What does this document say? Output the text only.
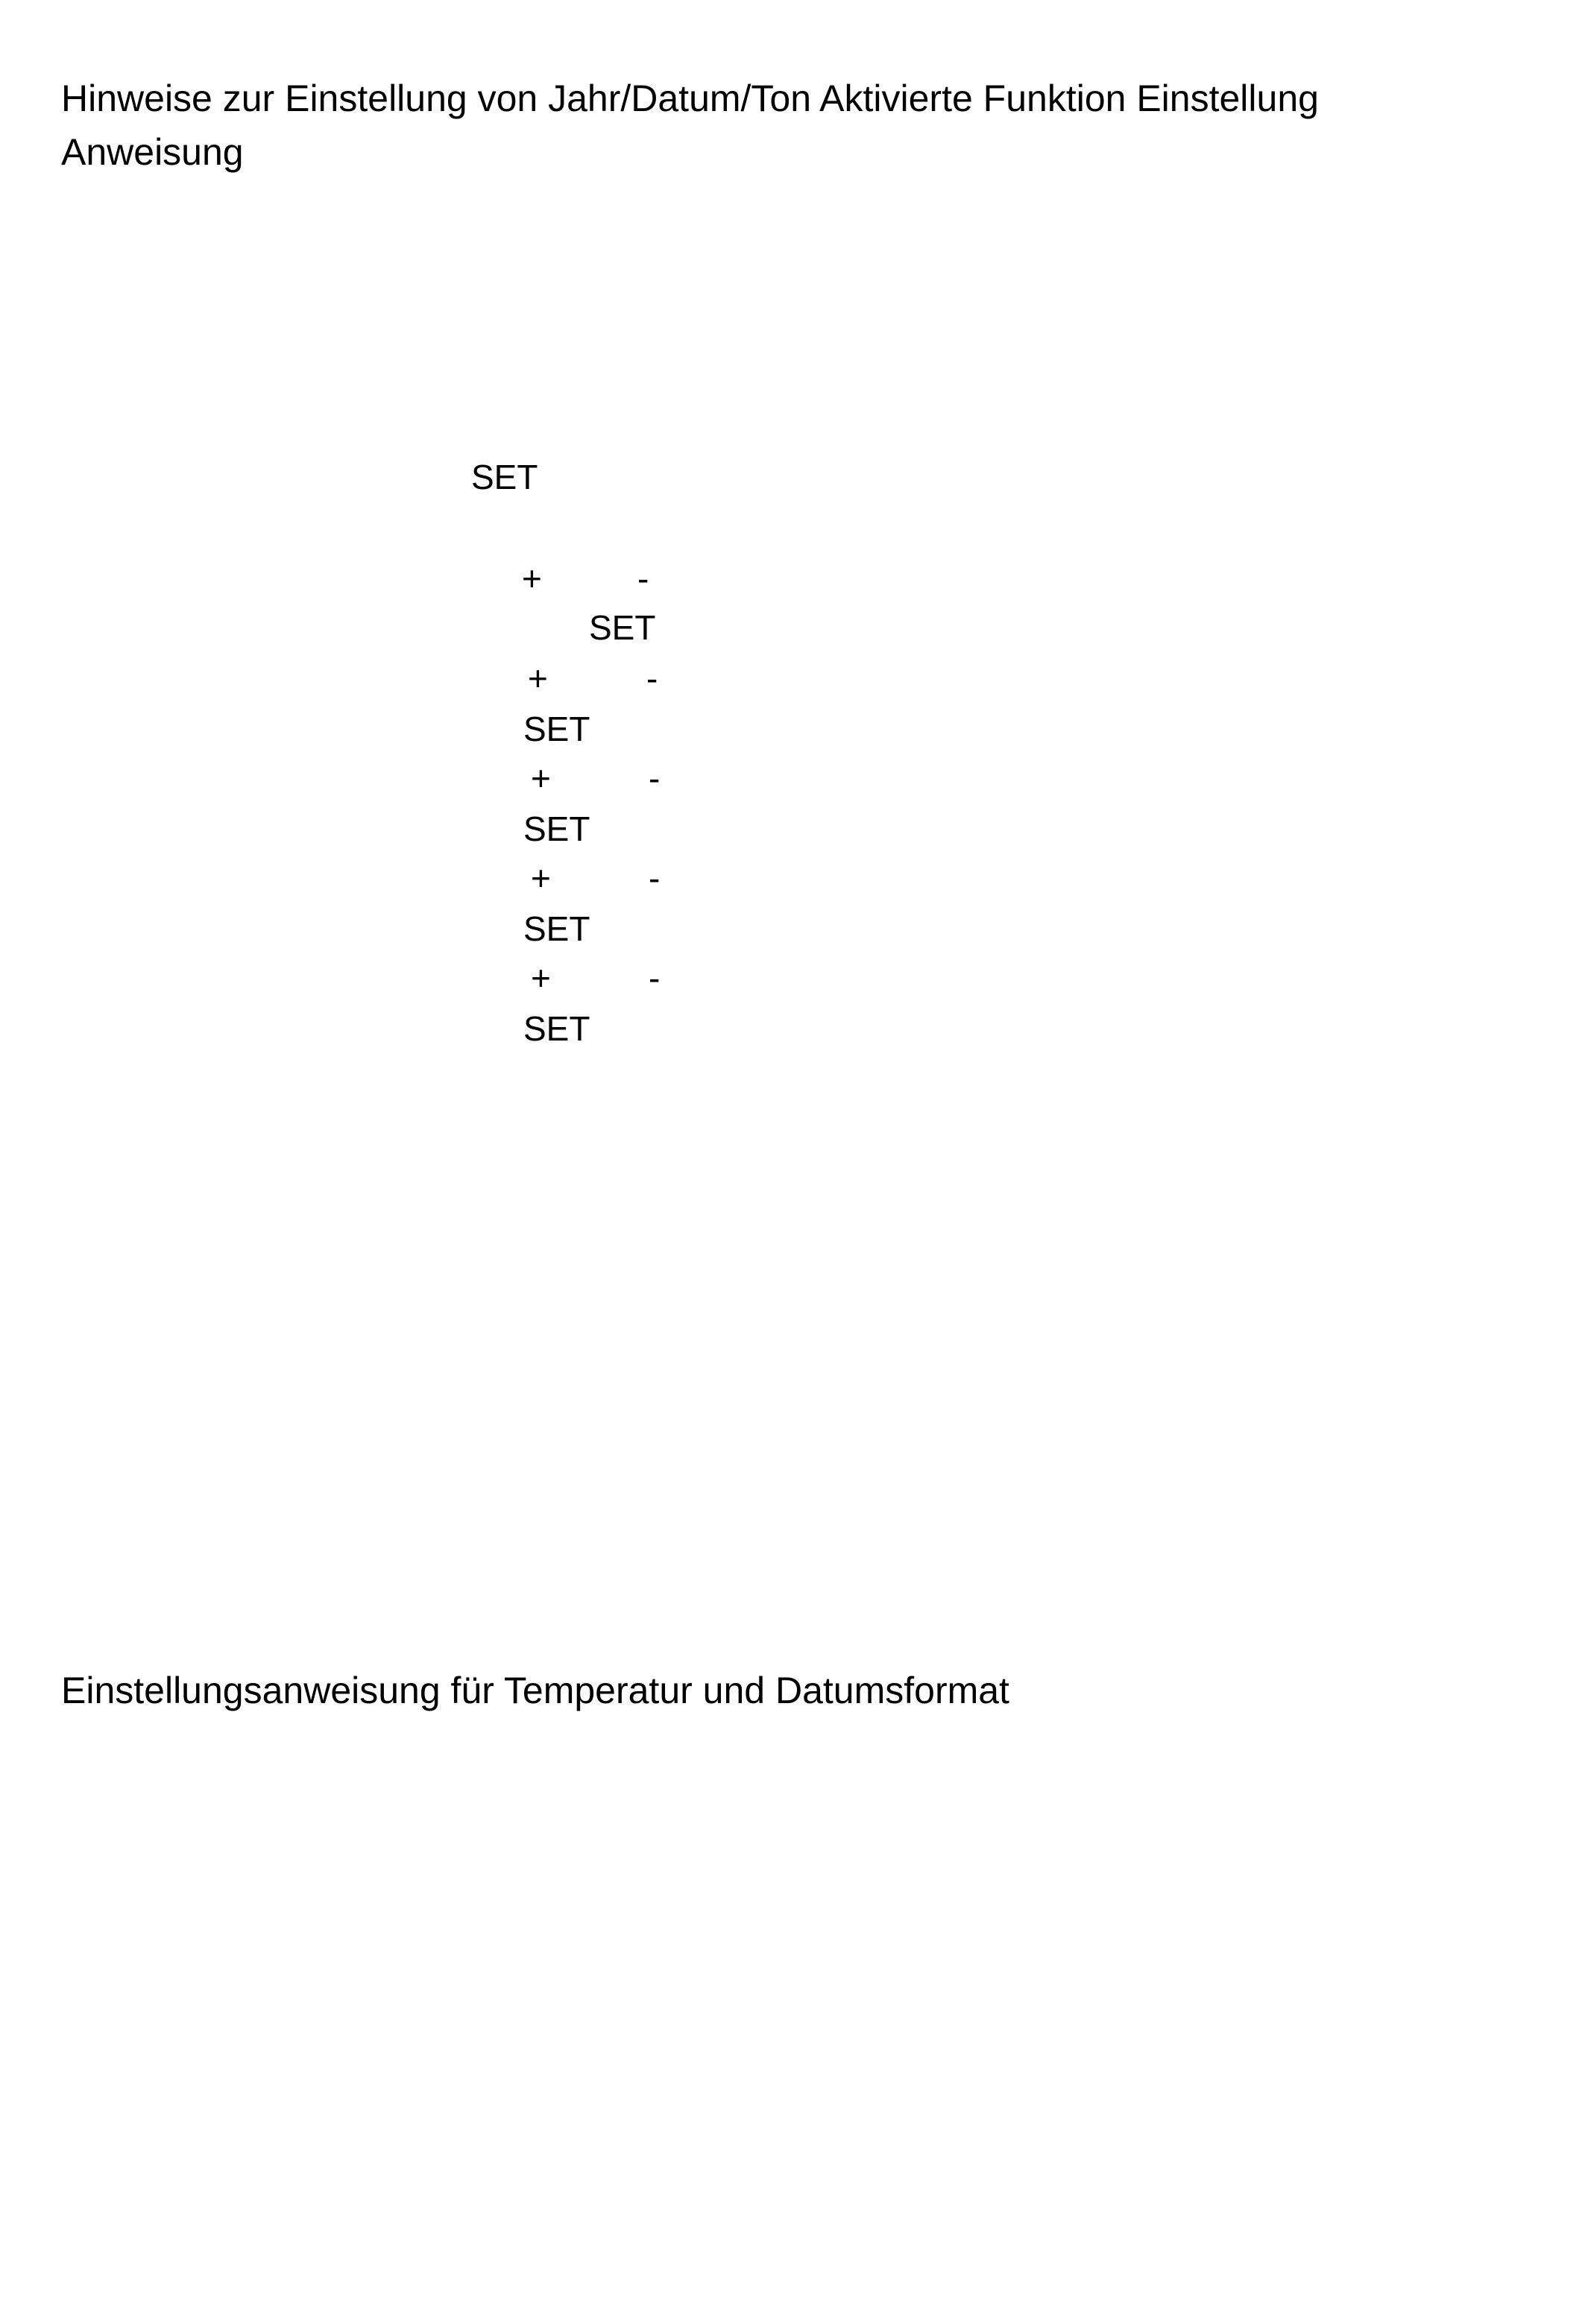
Hinweise zur Einstellung von Jahr/Datum/Ton Aktivierte Funktion Einstellung Anweisung
SET
+	-
SET
+	-
SET
+	-
SET
+	-
SET
+	-
SET
Einstellungsanweisung für Temperatur und Datumsformat
